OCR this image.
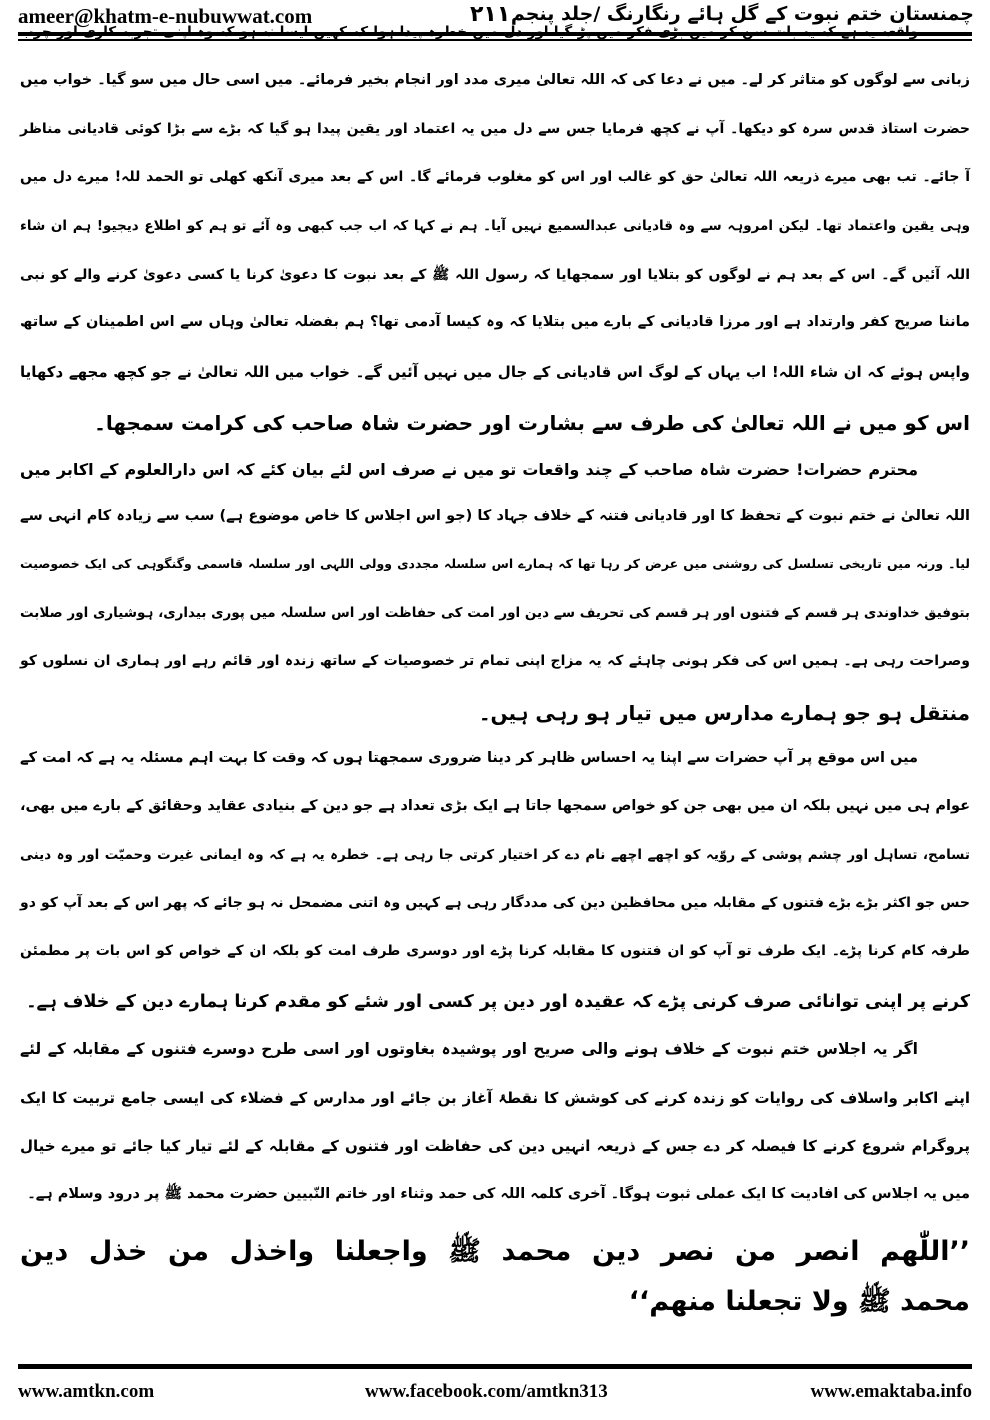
ameer@khatm-e-nubuwwat.com	۲۱۱ چمنستان ختم نبوت کے گل ہائے رنگارنگ /جلد پنجم
واقعہ یہ ہے کہ یہ بات سن کر میں بڑی فکر میں پڑ گیا اور دل میں خطرہ پیدا ہوا کہ کہیں ایسا نہ ہو کہ وہ اپنی تجربہ کاری اور چرب
زبانی سے لوگوں کو متاثر کر لے۔ میں نے دعا کی کہ اللہ تعالیٰ میری مدد اور انجام بخیر فرمائے۔ میں اسی حال میں سو گیا۔ خواب میں
حضرت استاذ قدس سرہ کو دیکھا۔ آپ نے کچھ فرمایا جس سے دل میں یہ اعتماد اور یقین پیدا ہو گیا کہ بڑے سے بڑا کوئی قادیانی مناظر
آ جائے۔ تب بھی میرے ذریعہ اللہ تعالیٰ حق کو غالب اور اس کو مغلوب فرمائے گا۔ اس کے بعد میری آنکھ کھلی تو الحمد للہ! میرے دل میں
وہی یقین واعتماد تھا۔ لیکن امروہہ سے وہ قادیانی عبدالسمیع نہیں آیا۔ ہم نے کہا کہ اب جب کبھی وہ آئے تو ہم کو اطلاع دیجیو! ہم ان شاء
اللہ آئیں گے۔ اس کے بعد ہم نے لوگوں کو بتلایا اور سمجھایا کہ رسول اللہ ﷺ کے بعد نبوت کا دعویٰ کرنا یا کسی دعویٰ کرنے والے کو نبی
ماننا صریح کفر وارتداد ہے اور مرزا قادیانی کے بارے میں بتلایا کہ وہ کیسا آدمی تھا؟ ہم بفضلہ تعالیٰ وہاں سے اس اطمینان کے ساتھ
واپس ہوئے کہ ان شاء اللہ! اب یہاں کے لوگ اس قادیانی کے جال میں نہیں آئیں گے۔ خواب میں اللہ تعالیٰ نے جو کچھ مجھے دکھایا
اس کو میں نے اللہ تعالیٰ کی طرف سے بشارت اور حضرت شاہ صاحب کی کرامت سمجھا۔
محترم حضرات! حضرت شاہ صاحب کے چند واقعات تو میں نے صرف اس لئے بیان کئے کہ اس دارالعلوم کے اکابر میں
اللہ تعالیٰ نے ختم نبوت کے تحفظ کا اور قادیانی فتنہ کے خلاف جہاد کا (جو اس اجلاس کا خاص موضوع ہے) سب سے زیادہ کام انہی سے
لیا۔ ورنہ میں تاریخی تسلسل کی روشنی میں عرض کر رہا تھا کہ ہمارے اس سلسلہ مجددی وولی اللہی اور سلسلہ قاسمی وگنگوہی کی ایک خصوصیت
بتوفیق خداوندی ہر قسم کے فتنوں اور ہر قسم کی تحریف سے دین اور امت کی حفاظت اور اس سلسلہ میں پوری بیداری، ہوشیاری اور صلابت
وصراحت رہی ہے۔ ہمیں اس کی فکر ہونی چاہئے کہ یہ مزاج اپنی تمام تر خصوصیات کے ساتھ زندہ اور قائم رہے اور ہماری ان نسلوں کو
منتقل ہو جو ہمارے مدارس میں تیار ہو رہی ہیں۔
میں اس موقع پر آپ حضرات سے اپنا یہ احساس ظاہر کر دینا ضروری سمجھتا ہوں کہ وقت کا بہت اہم مسئلہ یہ ہے کہ امت کے
عوام ہی میں نہیں بلکہ ان میں بھی جن کو خواص سمجھا جاتا ہے ایک بڑی تعداد ہے جو دین کے بنیادی عقاید وحقائق کے بارے میں بھی،
تسامح، تساہل اور چشم پوشی کے روّیہ کو اچھے اچھے نام دے کر اختیار کرتی جا رہی ہے۔ خطرہ یہ ہے کہ وہ ایمانی غیرت وحمیّت اور وہ دینی
حس جو اکثر بڑے بڑے فتنوں کے مقابلہ میں محافظین دین کی مددگار رہی ہے کہیں وہ اتنی مضمحل نہ ہو جائے کہ پھر اس کے بعد آپ کو دو
طرفہ کام کرنا پڑے۔ ایک طرف تو آپ کو ان فتنوں کا مقابلہ کرنا پڑے اور دوسری طرف امت کو بلکہ ان کے خواص کو اس بات پر مطمئن
کرنے پر اپنی توانائی صرف کرنی پڑے کہ عقیدہ اور دین پر کسی اور شئے کو مقدم کرنا ہمارے دین کے خلاف ہے۔
اگر یہ اجلاس ختم نبوت کے خلاف ہونے والی صریح اور پوشیدہ بغاوتوں اور اسی طرح دوسرے فتنوں کے مقابلہ کے لئے
اپنے اکابر واسلاف کی روایات کو زندہ کرنے کی کوشش کا نقطۂ آغاز بن جائے اور مدارس کے فضلاء کی ایسی جامع تربیت کا ایک
پروگرام شروع کرنے کا فیصلہ کر دے جس کے ذریعہ انہیں دین کی حفاظت اور فتنوں کے مقابلہ کے لئے تیار کیا جائے تو میرے خیال
میں یہ اجلاس کی افادیت کا ایک عملی ثبوت ہوگا۔ آخری کلمہ اللہ کی حمد وثناء اور خاتم النّبیین حضرت محمد ﷺ پر درود وسلام ہے۔
’’اللّٰھم انصر من نصر دین محمد ﷺ واجعلنا واخذل من خذل دین
محمد ﷺ ولا تجعلنا منھم‘‘
www.amtkn.com	www.facebook.com/amtkn313	www.emaktaba.info
